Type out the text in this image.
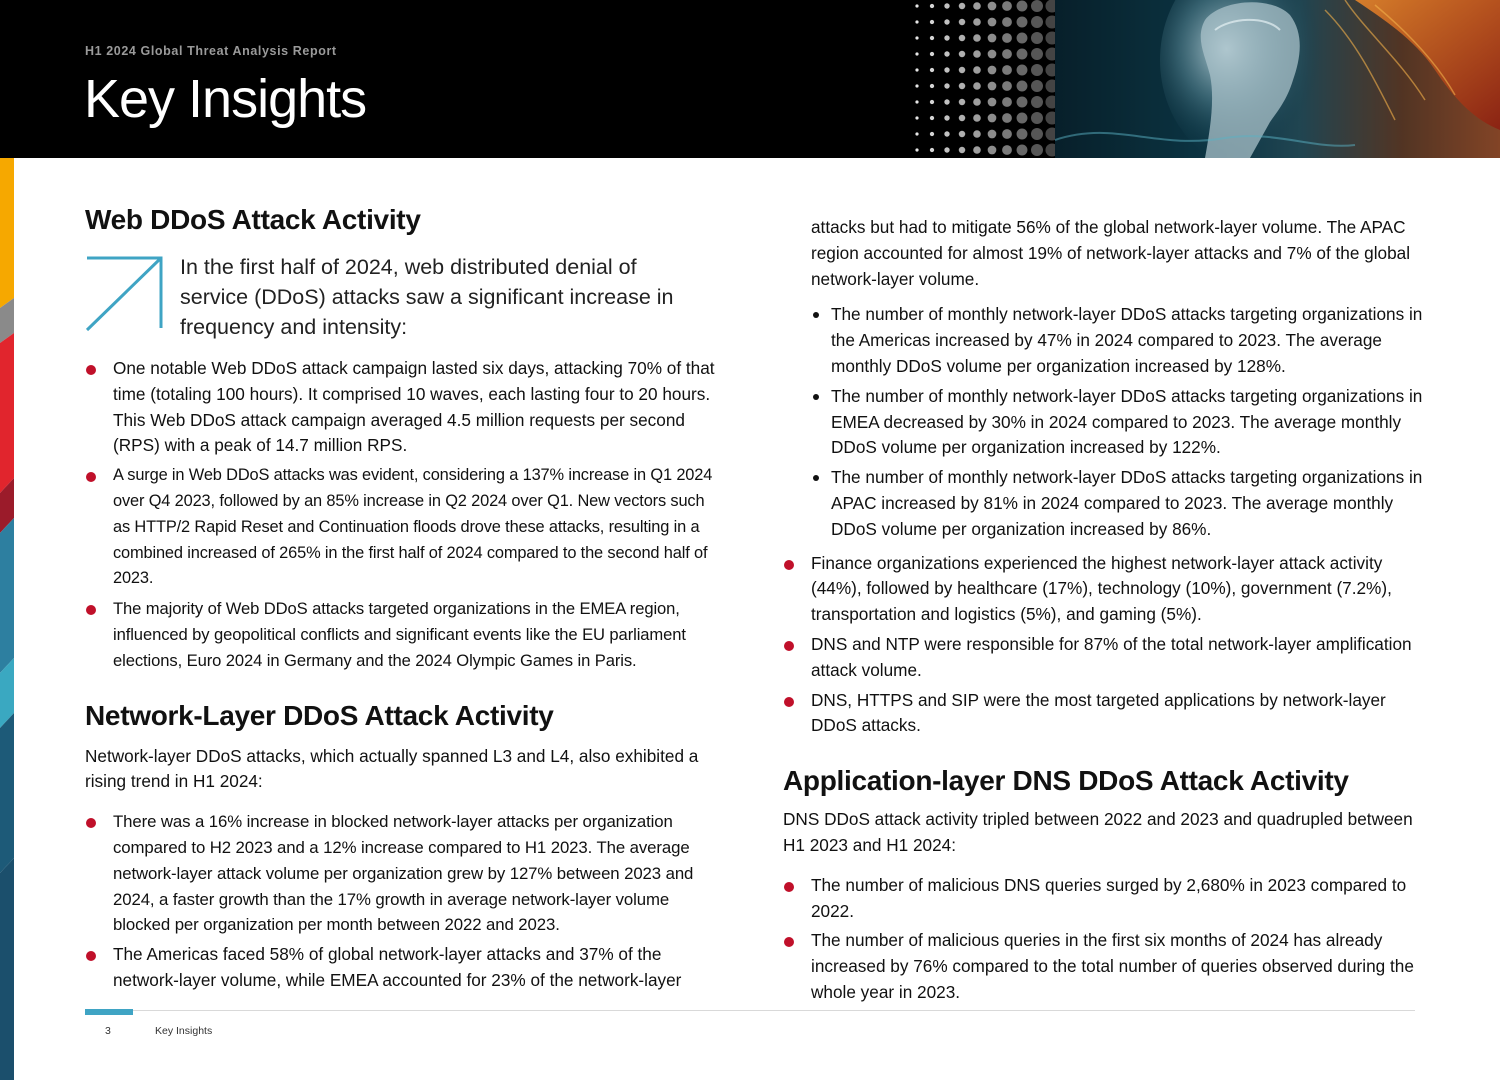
H1 2024 Global Threat Analysis Report
Key Insights
Web DDoS Attack Activity

In the first half of 2024, web distributed denial of service (DDoS) attacks saw a significant increase in frequency and intensity:

One notable Web DDoS attack campaign lasted six days, attacking 70% of that time (totaling 100 hours). It comprised 10 waves, each lasting four to 20 hours. This Web DDoS attack campaign averaged 4.5 million requests per second (RPS) with a peak of 14.7 million RPS.
A surge in Web DDoS attacks was evident, considering a 137% increase in Q1 2024 over Q4 2023, followed by an 85% increase in Q2 2024 over Q1. New vectors such as HTTP/2 Rapid Reset and Continuation floods drove these attacks, resulting in a combined increased of 265% in the first half of 2024 compared to the second half of 2023.
The majority of Web DDoS attacks targeted organizations in the EMEA region, influenced by geopolitical conflicts and significant events like the EU parliament elections, Euro 2024 in Germany and the 2024 Olympic Games in Paris.
Network-Layer DDoS Attack Activity

Network-layer DDoS attacks, which actually spanned L3 and L4, also exhibited a rising trend in H1 2024:

There was a 16% increase in blocked network-layer attacks per organization compared to H2 2023 and a 12% increase compared to H1 2023. The average network-layer attack volume per organization grew by 127% between 2023 and 2024, a faster growth than the 17% growth in average network-layer volume blocked per organization per month between 2022 and 2023.
The Americas faced 58% of global network-layer attacks and 37% of the network-layer volume, while EMEA accounted for 23% of the network-layer

attacks but had to mitigate 56% of the global network-layer volume. The APAC region accounted for almost 19% of network-layer attacks and 7% of the global network-layer volume.

The number of monthly network-layer DDoS attacks targeting organizations in the Americas increased by 47% in 2024 compared to 2023. The average monthly DDoS volume per organization increased by 128%.
The number of monthly network-layer DDoS attacks targeting organizations in EMEA decreased by 30% in 2024 compared to 2023. The average monthly DDoS volume per organization increased by 122%.
The number of monthly network-layer DDoS attacks targeting organizations in APAC increased by 81% in 2024 compared to 2023. The average monthly DDoS volume per organization increased by 86%.
Finance organizations experienced the highest network-layer attack activity (44%), followed by healthcare (17%), technology (10%), government (7.2%), transportation and logistics (5%), and gaming (5%).
DNS and NTP were responsible for 87% of the total network-layer amplification attack volume.
DNS, HTTPS and SIP were the most targeted applications by network-layer DDoS attacks.
Application-layer DNS DDoS Attack Activity

DNS DDoS attack activity tripled between 2022 and 2023 and quadrupled between H1 2023 and H1 2024:

The number of malicious DNS queries surged by 2,680% in 2023 compared to 2022.
The number of malicious queries in the first six months of 2024 has already increased by 76% compared to the total number of queries observed during the whole year in 2023.
3	Key Insights
